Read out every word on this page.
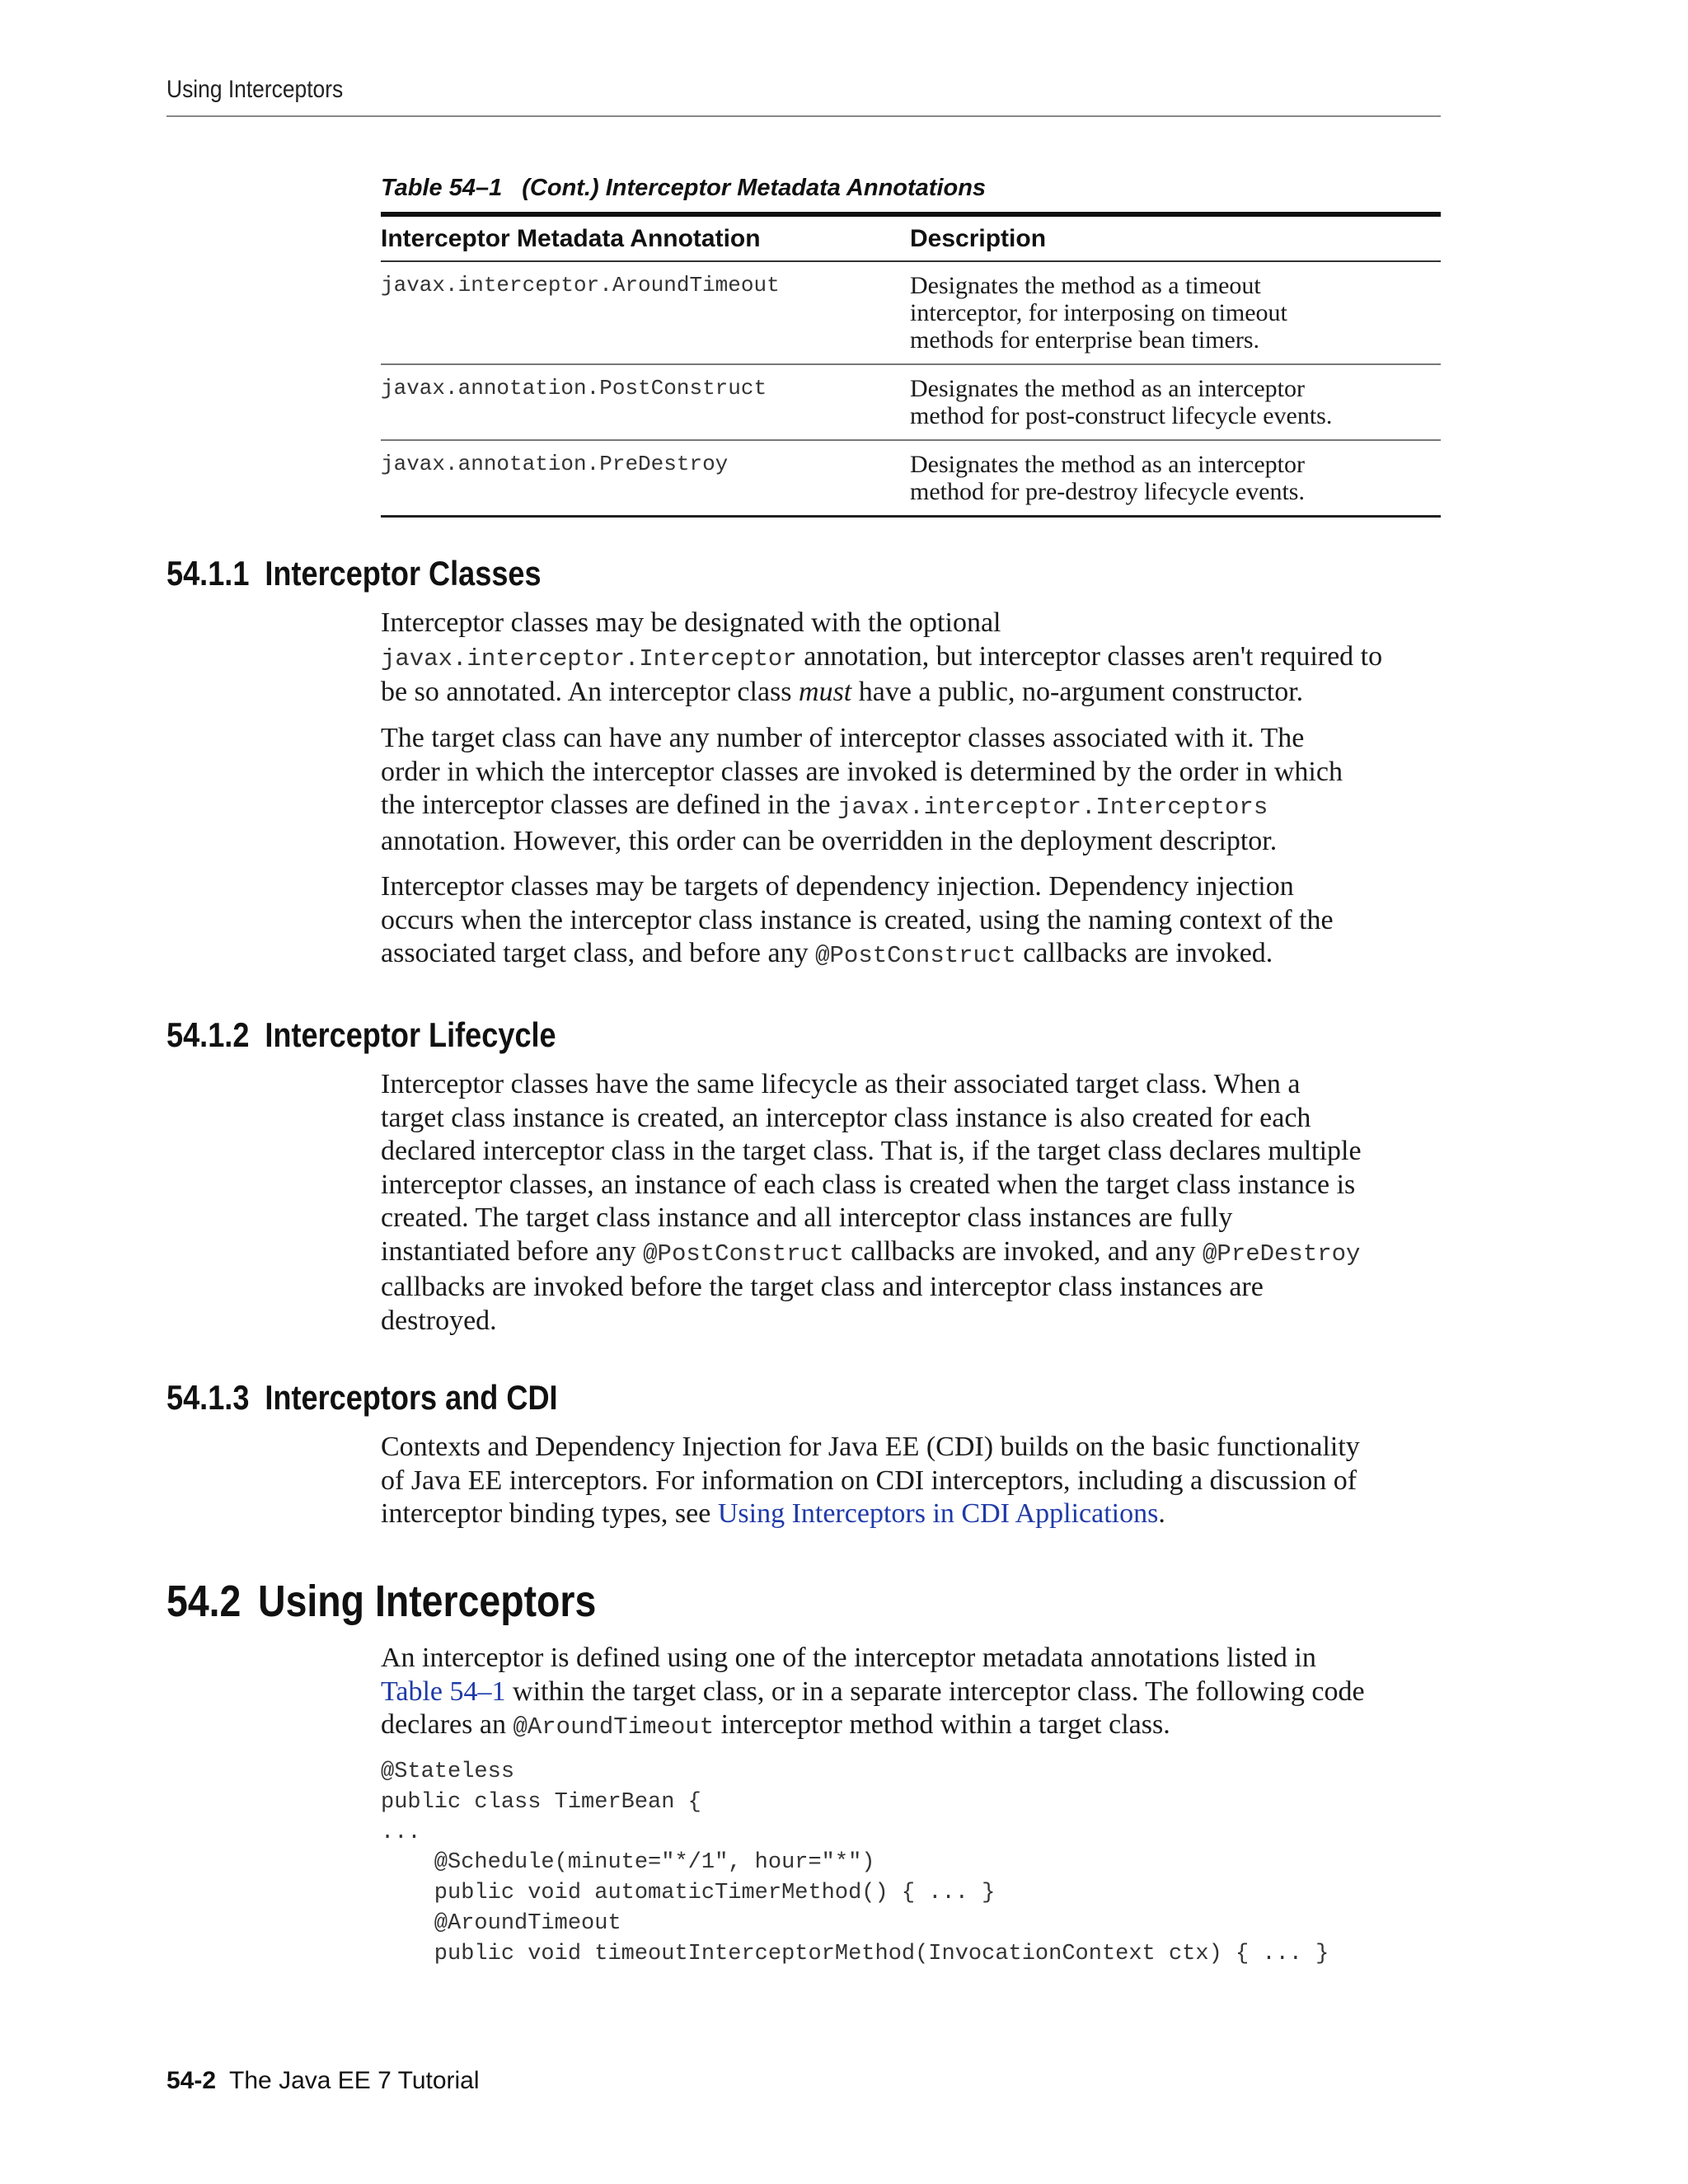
Using Interceptors
Table 54–1 (Cont.) Interceptor Metadata Annotations
Interceptor Metadata Annotation	Description
javax.interceptor.AroundTimeout	Designates the method as a timeout
interceptor, for interposing on timeout
methods for enterprise bean timers.

javax.annotation.PostConstruct	Designates the method as an interceptor
method for post-construct lifecycle events.

javax.annotation.PreDestroy	Designates the method as an interceptor
method for pre-destroy lifecycle events.
54.1.1 Interceptor Classes
Interceptor classes may be designated with the optional
javax.interceptor.Interceptor annotation, but interceptor classes aren't required to
be so annotated. An interceptor class must have a public, no-argument constructor.
The target class can have any number of interceptor classes associated with it. The
order in which the interceptor classes are invoked is determined by the order in which
the interceptor classes are defined in the javax.interceptor.Interceptors
annotation. However, this order can be overridden in the deployment descriptor.
Interceptor classes may be targets of dependency injection. Dependency injection
occurs when the interceptor class instance is created, using the naming context of the
associated target class, and before any @PostConstruct callbacks are invoked.
54.1.2 Interceptor Lifecycle
Interceptor classes have the same lifecycle as their associated target class. When a
target class instance is created, an interceptor class instance is also created for each
declared interceptor class in the target class. That is, if the target class declares multiple
interceptor classes, an instance of each class is created when the target class instance is
created. The target class instance and all interceptor class instances are fully
instantiated before any @PostConstruct callbacks are invoked, and any @PreDestroy
callbacks are invoked before the target class and interceptor class instances are
destroyed.
54.1.3 Interceptors and CDI
Contexts and Dependency Injection for Java EE (CDI) builds on the basic functionality
of Java EE interceptors. For information on CDI interceptors, including a discussion of
interceptor binding types, see Using Interceptors in CDI Applications.
54.2 Using Interceptors
An interceptor is defined using one of the interceptor metadata annotations listed in
Table 54–1 within the target class, or in a separate interceptor class. The following code
declares an @AroundTimeout interceptor method within a target class.
@Stateless
public class TimerBean {
...
@Schedule(minute="*/1", hour="*")
public void automaticTimerMethod() { ... }
@AroundTimeout
public void timeoutInterceptorMethod(InvocationContext ctx) { ... }
54-2 The Java EE 7 Tutorial
